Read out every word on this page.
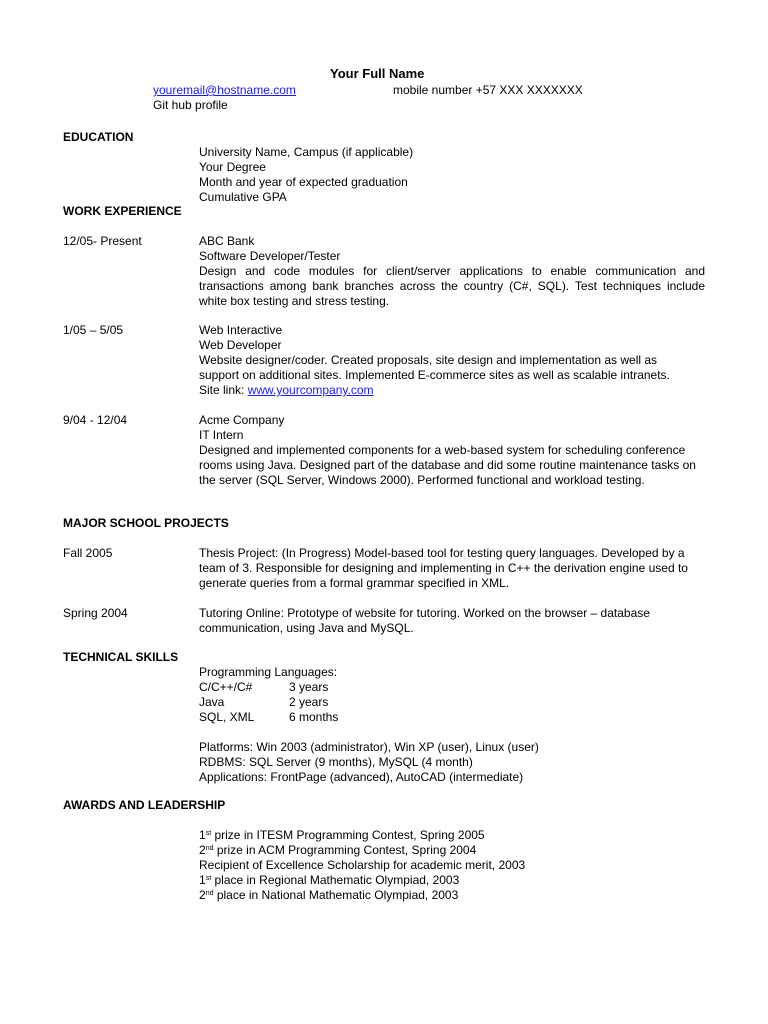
Your Full Name
youremail@hostname.com	mobile number +57 XXX XXXXXXX
Git hub profile
EDUCATION
University Name, Campus (if applicable)
Your Degree
Month and year of expected graduation
Cumulative GPA
WORK EXPERIENCE
12/05- Present	ABC Bank
Software Developer/Tester
Design and code modules for client/server applications to enable communication and transactions among bank branches across the country (C#, SQL). Test techniques include white box testing and stress testing.
1/05 – 5/05	Web Interactive
Web Developer
Website designer/coder. Created proposals, site design and implementation as well as support on additional sites. Implemented E-commerce sites as well as scalable intranets.
Site link: www.yourcompany.com
9/04 - 12/04	Acme Company
IT Intern
Designed and implemented components for a web-based system for scheduling conference rooms using Java. Designed part of the database and did some routine maintenance tasks on the server (SQL Server, Windows 2000). Performed functional and workload testing.
MAJOR SCHOOL PROJECTS
Fall 2005	Thesis Project: (In Progress) Model-based tool for testing query languages. Developed by a team of 3. Responsible for designing and implementing in C++ the derivation engine used to generate queries from a formal grammar specified in XML.
Spring 2004	Tutoring Online: Prototype of website for tutoring. Worked on the browser – database communication, using Java and MySQL.
TECHNICAL SKILLS
Programming Languages:
C/C++/C#	3 years
Java	2 years
SQL, XML	6 months
Platforms: Win 2003 (administrator), Win XP (user), Linux (user)
RDBMS: SQL Server (9 months), MySQL (4 month)
Applications: FrontPage (advanced), AutoCAD (intermediate)
AWARDS AND LEADERSHIP
1st prize in ITESM Programming Contest, Spring 2005
2nd prize in ACM Programming Contest, Spring 2004
Recipient of Excellence Scholarship for academic merit, 2003
1st place in Regional Mathematic Olympiad, 2003
2nd place in National Mathematic Olympiad, 2003
